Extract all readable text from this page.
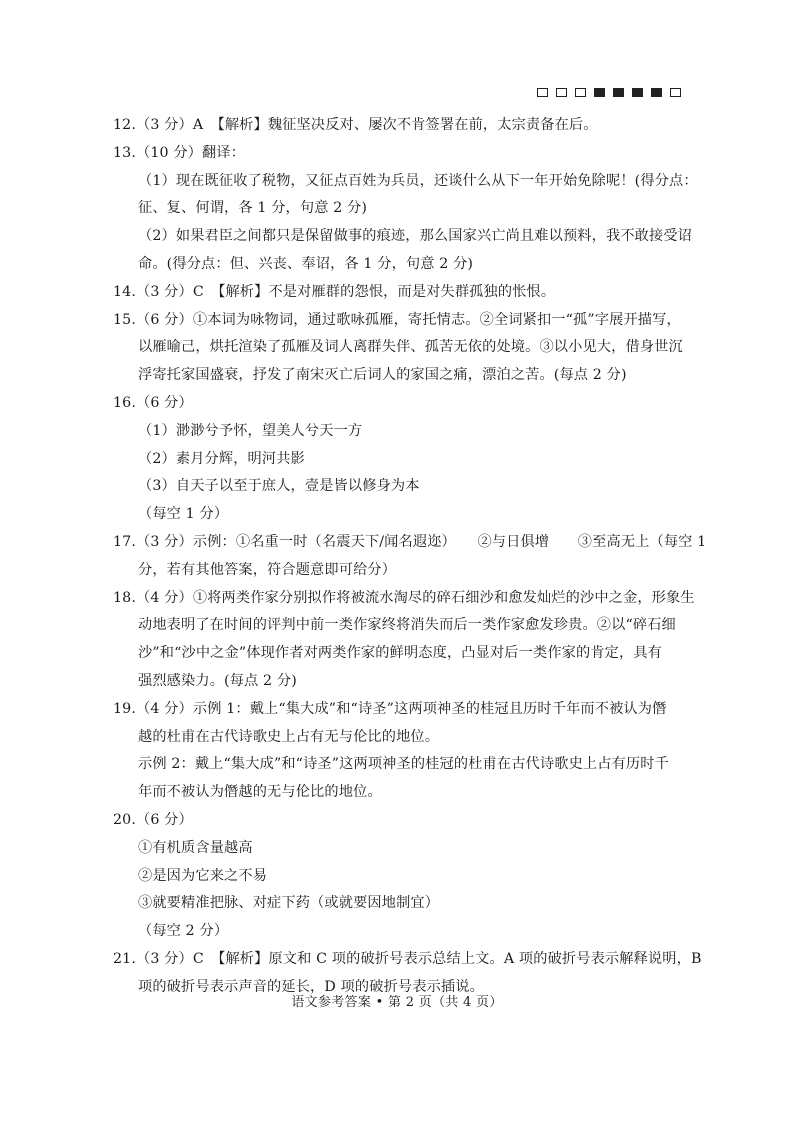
12.（3 分）A　【解析】魏征坚决反对、屡次不肯签署在前，太宗责备在后。
13.（10 分）翻译：
（1）现在既征收了税物，又征点百姓为兵员，还谈什么从下一年开始免除呢！(得分点：
征、复、何谓，各 1 分，句意 2 分)
（2）如果君臣之间都只是保留做事的痕迹，那么国家兴亡尚且难以预料，我不敢接受诏
命。(得分点：但、兴丧、奉诏，各 1 分，句意 2 分)
14.（3 分）C　【解析】不是对雁群的怨恨，而是对失群孤独的怅恨。
15.（6 分）①本词为咏物词，通过歌咏孤雁，寄托情志。②全词紧扣一“孤”字展开描写，
以雁喻己，烘托渲染了孤雁及词人离群失伴、孤苦无依的处境。③以小见大，借身世沉
浮寄托家国盛衰，抒发了南宋灭亡后词人的家国之痛，漂泊之苦。(每点 2 分)
16.（6 分）
（1）渺渺兮予怀，望美人兮天一方
（2）素月分辉，明河共影
（3）自天子以至于庶人，壹是皆以修身为本
（每空 1 分）
17.（3 分）示例：①名重一时（名震天下/闻名遐迩）　　②与日俱增　　③至高无上（每空 1
分，若有其他答案，符合题意即可给分）
18.（4 分）①将两类作家分别拟作将被流水淘尽的碎石细沙和愈发灿烂的沙中之金，形象生
动地表明了在时间的评判中前一类作家终将消失而后一类作家愈发珍贵。②以“碎石细
沙”和“沙中之金”体现作者对两类作家的鲜明态度，凸显对后一类作家的肯定，具有
强烈感染力。(每点 2 分)
19.（4 分）示例 1：戴上“集大成”和“诗圣”这两项神圣的桂冠且历时千年而不被认为僭
越的杜甫在古代诗歌史上占有无与伦比的地位。
示例 2：戴上“集大成”和“诗圣”这两项神圣的桂冠的杜甫在古代诗歌史上占有历时千
年而不被认为僭越的无与伦比的地位。
20.（6 分）
①有机质含量越高
②是因为它来之不易
③就要精准把脉、对症下药（或就要因地制宜）
（每空 2 分）
21.（3 分）C　【解析】原文和 C 项的破折号表示总结上文。A 项的破折号表示解释说明，B
项的破折号表示声音的延长，D 项的破折号表示插说。
语文参考答案 • 第 2 页（共 4 页）
